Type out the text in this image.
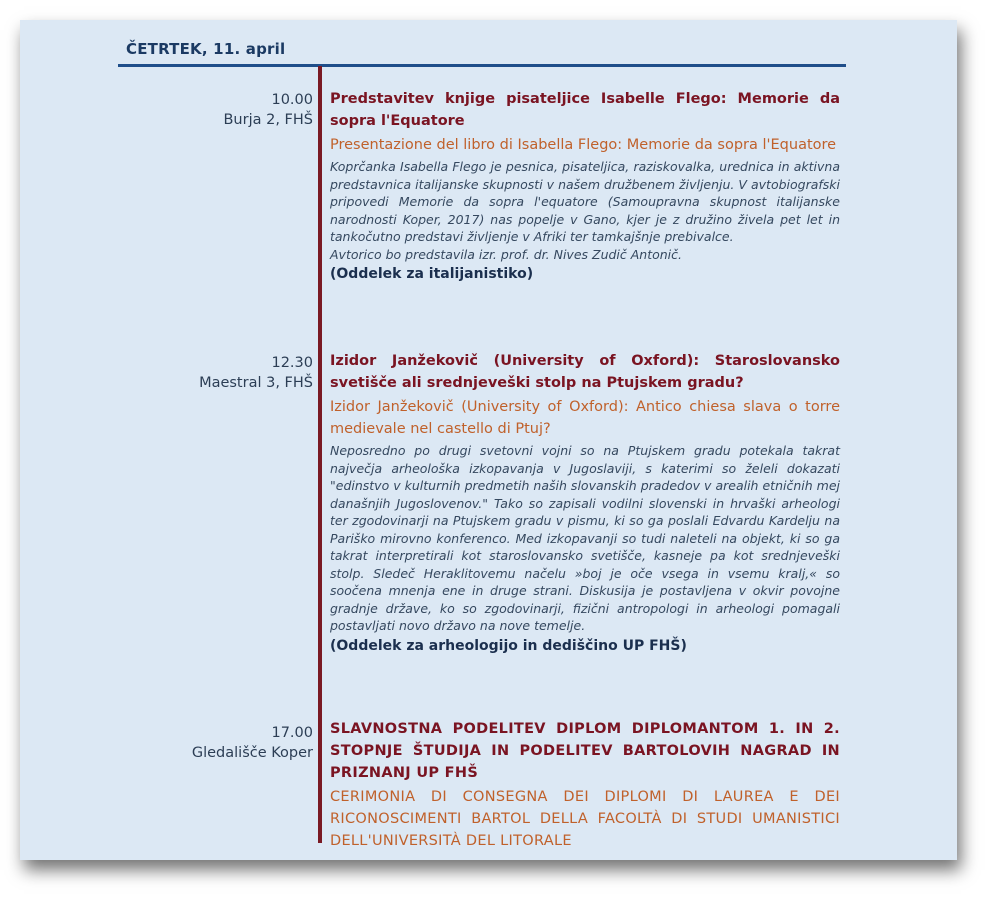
ČETRTEK, 11. april
10.00
Burja 2, FHŠ
Predstavitev knjige pisateljice Isabelle Flego: Memorie da sopra l'Equatore
Presentazione del libro di Isabella Flego: Memorie da sopra l'Equatore
Koprčanka Isabella Flego je pesnica, pisateljica, raziskovalka, urednica in aktivna predstavnica italijanske skupnosti v našem družbenem življenju. V avtobiografski pripovedi Memorie da sopra l'equatore (Samoupravna skupnost italijanske narodnosti Koper, 2017) nas popelje v Gano, kjer je z družino živela pet let in tankočutno predstavi življenje v Afriki ter tamkajšnje prebivalce.
Avtorico bo predstavila izr. prof. dr. Nives Zudič Antonič.
(Oddelek za italijanistiko)
12.30
Maestral 3, FHŠ
Izidor Janžekovič (University of Oxford): Staroslovansko svetišče ali srednjeveški stolp na Ptujskem gradu?
Izidor Janžekovič (University of Oxford): Antico chiesa slava o torre medievale nel castello di Ptuj?
Neposredno po drugi svetovni vojni so na Ptujskem gradu potekala takrat največja arheološka izkopavanja v Jugoslaviji, s katerimi so želeli dokazati "edinstvo v kulturnih predmetih naših slovanskih pradedov v arealih etničnih mej današnjih Jugoslovenov." Tako so zapisali vodilni slovenski in hrvaški arheologi ter zgodovinarji na Ptujskem gradu v pismu, ki so ga poslali Edvardu Kardelju na Pariško mirovno konferenco. Med izkopavanji so tudi naleteli na objekt, ki so ga takrat interpretirali kot staroslovansko svetišče, kasneje pa kot srednjeveški stolp. Sledeč Heraklitovemu načelu »boj je oče vsega in vsemu kralj,« so soočena mnenja ene in druge strani. Diskusija je postavljena v okvir povojne gradnje države, ko so zgodovinarji, fizični antropologi in arheologi pomagali postavljati novo državo na nove temelje.
(Oddelek za arheologijo in dediščino UP FHŠ)
17.00
Gledališče Koper
SLAVNOSTNA PODELITEV DIPLOM DIPLOMANTOM 1. IN 2. STOPNJE ŠTUDIJA IN PODELITEV BARTOLOVIH NAGRAD IN PRIZNANJ UP FHŠ
CERIMONIA DI CONSEGNA DEI DIPLOMI DI LAUREA E DEI RICONOSCIMENTI BARTOL DELLA FACOLTÀ DI STUDI UMANISTICI DELL'UNIVERSITÀ DEL LITORALE
